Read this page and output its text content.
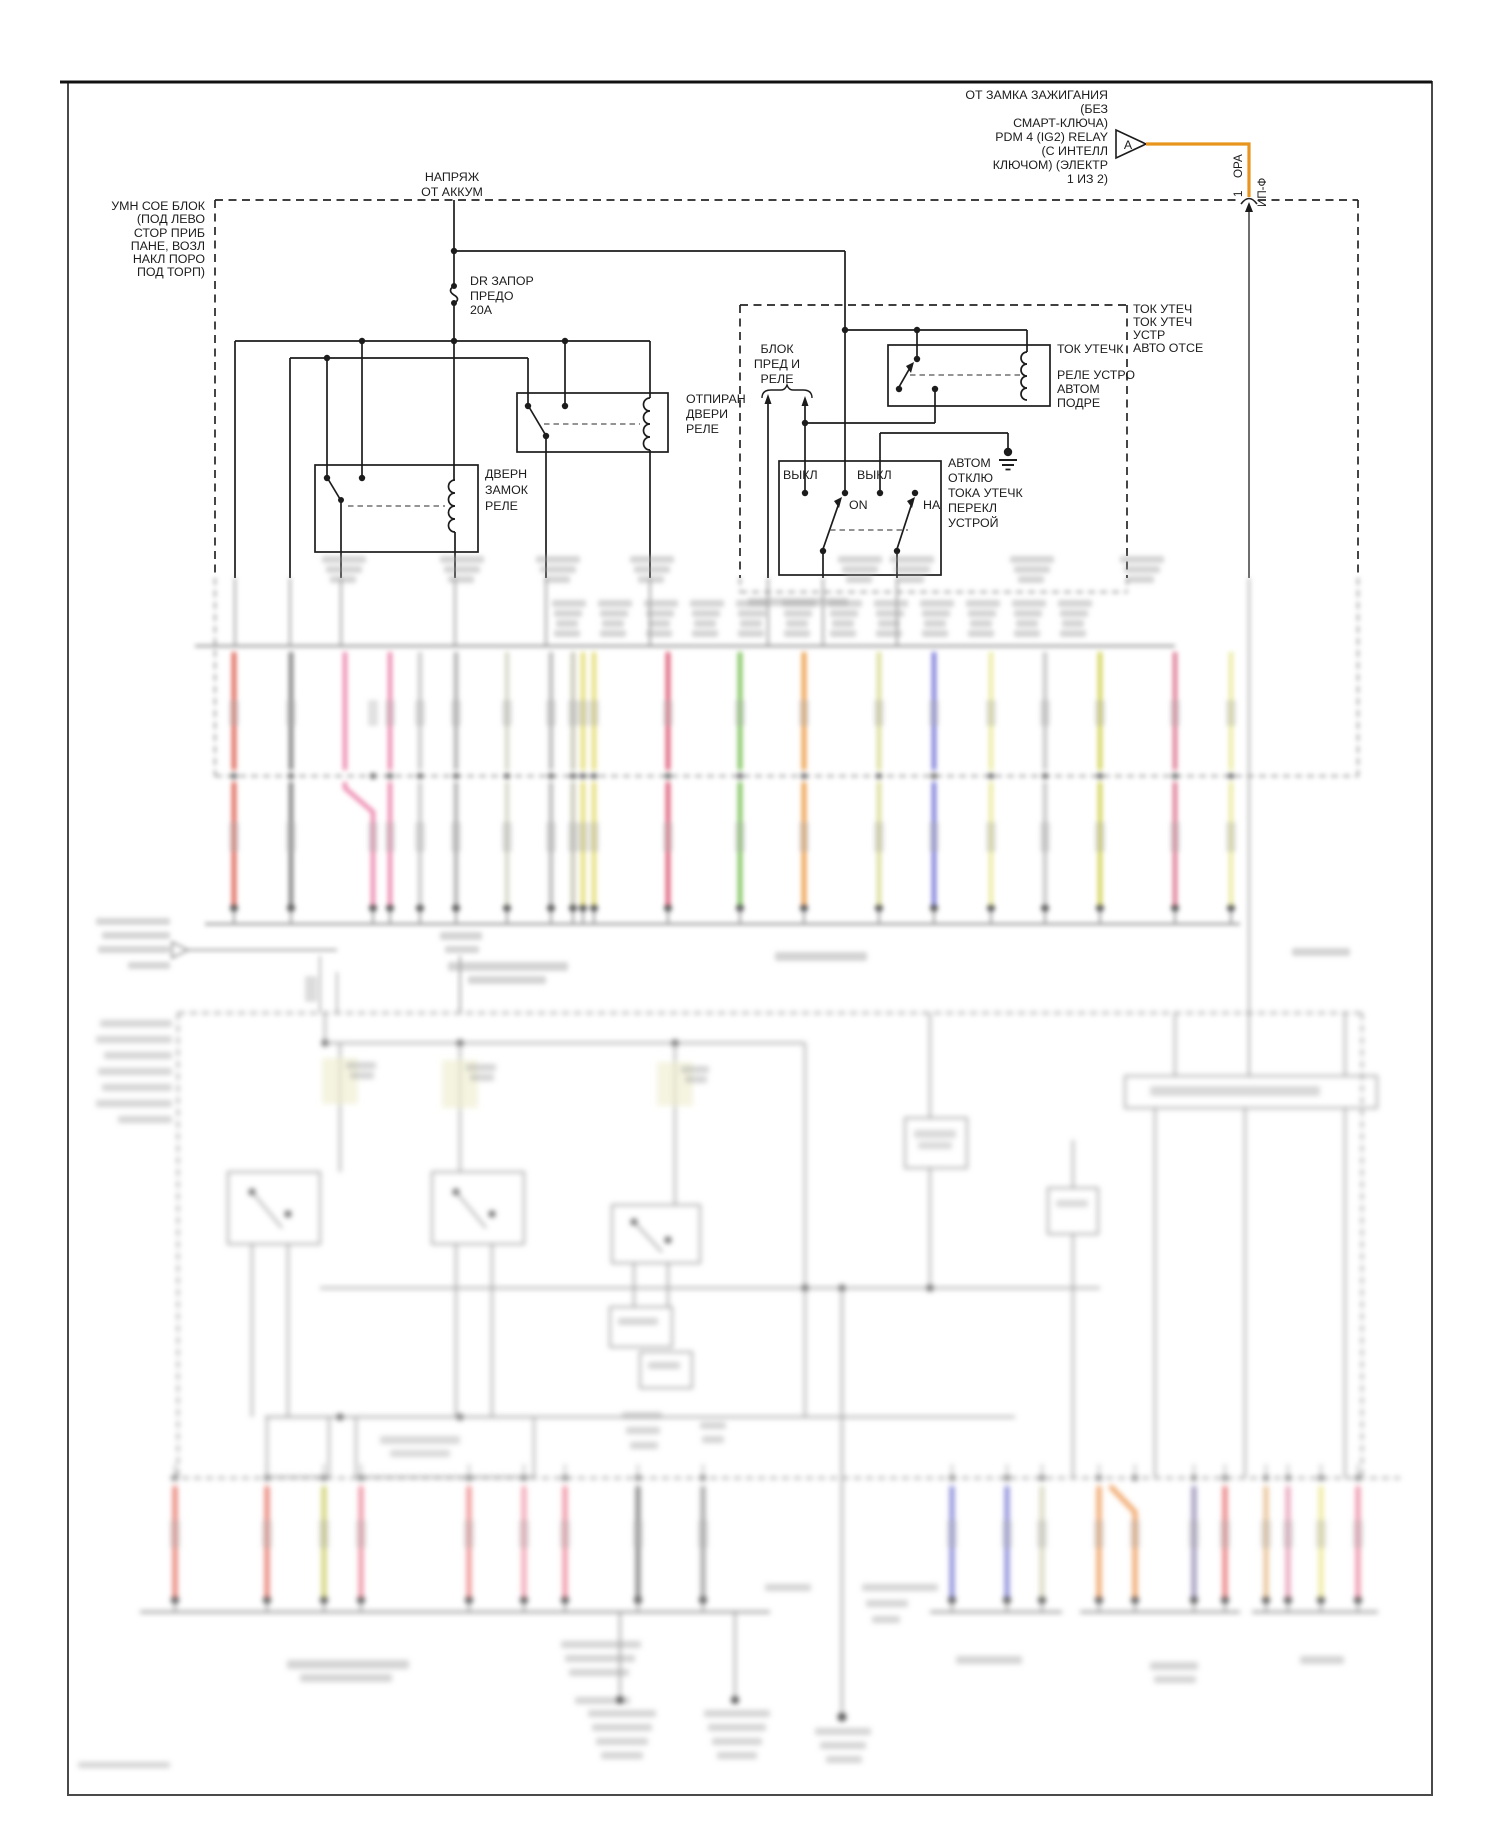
ОТ ЗАМКА ЗАЖИГАНИЯ
(БЕЗ
СМАРТ-КЛЮЧА)
PDM 4 (IG2) RELAY
(С ИНТЕЛЛ
КЛЮЧОМ) (ЭЛЕКТР
1 ИЗ 2)
А
1
ОРА
ИП-Ф
УМН СОЕ БЛОК
(ПОД ЛЕВО
СТОР ПРИБ
ПАНЕ, ВОЗЛ
НАКЛ ПОРО
ПОД ТОРП)
НАПРЯЖ
ОТ АККУМ
DR ЗАПОР
ПРЕДО
20А
ОТПИРАН
ДВЕРИ
РЕЛЕ
ДВЕРН
ЗАМОК
РЕЛЕ
ТОК УТЕЧ
ТОК УТЕЧ
УСТР
АВТО ОТСЕ
БЛОК
ПРЕД И
РЕЛЕ
ТОК УТЕЧК
РЕЛЕ УСТРО
АВТОМ
ПОДРЕ
ВЫКЛ	ВЫКЛ
ON	НА
АВТОМ
ОТКЛЮ
ТОКА УТЕЧК
ПЕРЕКЛ
УСТРОЙ
